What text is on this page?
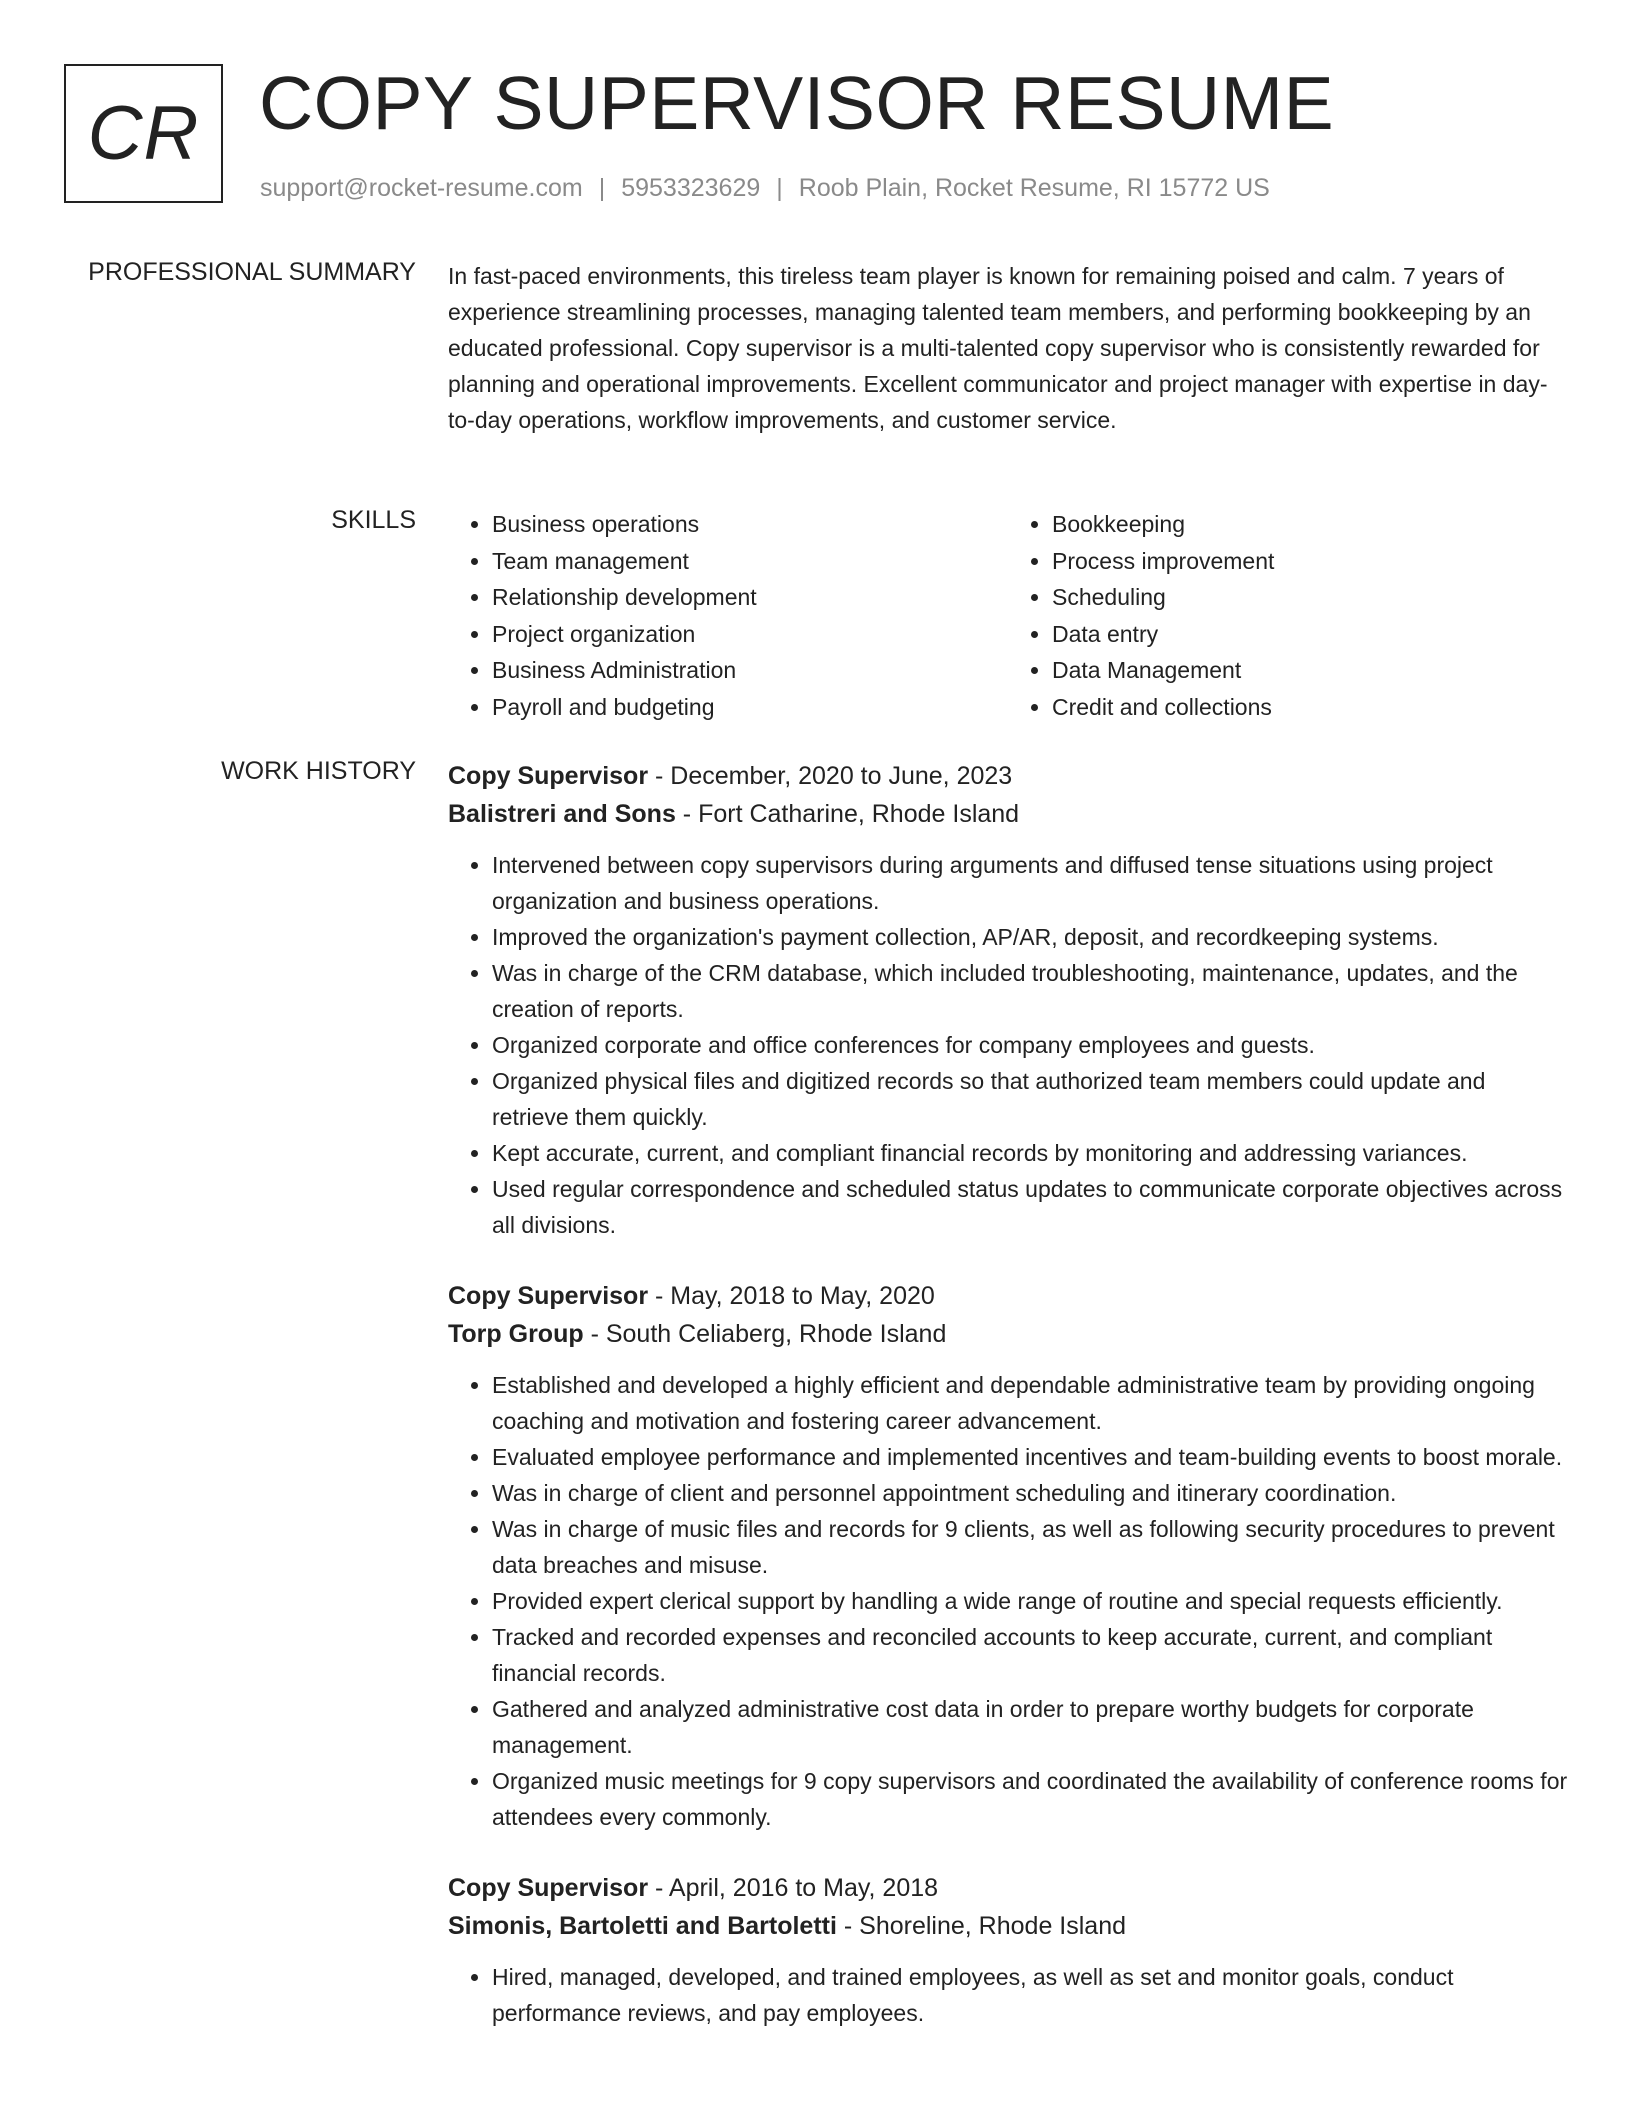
CR COPY SUPERVISOR RESUME
support@rocket-resume.com | 5953323629 | Roob Plain, Rocket Resume, RI 15772 US
PROFESSIONAL SUMMARY In fast-paced environments, this tireless team player is known for remaining poised and calm. 7 years of experience streamlining processes, managing talented team members, and performing bookkeeping by an educated professional. Copy supervisor is a multi-talented copy supervisor who is consistently rewarded for planning and operational improvements. Excellent communicator and project manager with expertise in day-to-day operations, workflow improvements, and customer service.

SKILLS
•	Business operations
• Team management
• Relationship development
• Project organization
• Business Administration
• Payroll and budgeting
• Bookkeeping
• Process improvement
• Scheduling
• Data entry
• Data Management
• Credit and collections
WORK HISTORY Copy Supervisor - December, 2020 to June, 2023
Balistreri and Sons - Fort Catharine, Rhode Island
• Intervened between copy supervisors during arguments and diffused tense situations using project organization and business operations.
• Improved the organization's payment collection, AP/AR, deposit, and recordkeeping systems.
• Was in charge of the CRM database, which included troubleshooting, maintenance, updates, and the creation of reports.
• Organized corporate and office conferences for company employees and guests.
• Organized physical files and digitized records so that authorized team members could update and retrieve them quickly.
• Kept accurate, current, and compliant financial records by monitoring and addressing variances.
• Used regular correspondence and scheduled status updates to communicate corporate objectives across all divisions.
Copy Supervisor - May, 2018 to May, 2020
Torp Group - South Celiaberg, Rhode Island
• Established and developed a highly efficient and dependable administrative team by providing ongoing coaching and motivation and fostering career advancement.
• Evaluated employee performance and implemented incentives and team-building events to boost morale.
• Was in charge of client and personnel appointment scheduling and itinerary coordination.
• Was in charge of music files and records for 9 clients, as well as following security procedures to prevent data breaches and misuse.
• Provided expert clerical support by handling a wide range of routine and special requests efficiently.
• Tracked and recorded expenses and reconciled accounts to keep accurate, current, and compliant financial records.
• Gathered and analyzed administrative cost data in order to prepare worthy budgets for corporate management.
• Organized music meetings for 9 copy supervisors and coordinated the availability of conference rooms for attendees every commonly.
Copy Supervisor - April, 2016 to May, 2018
Simonis, Bartoletti and Bartoletti - Shoreline, Rhode Island
• Hired, managed, developed, and trained employees, as well as set and monitor goals, conduct performance reviews, and pay employees.
